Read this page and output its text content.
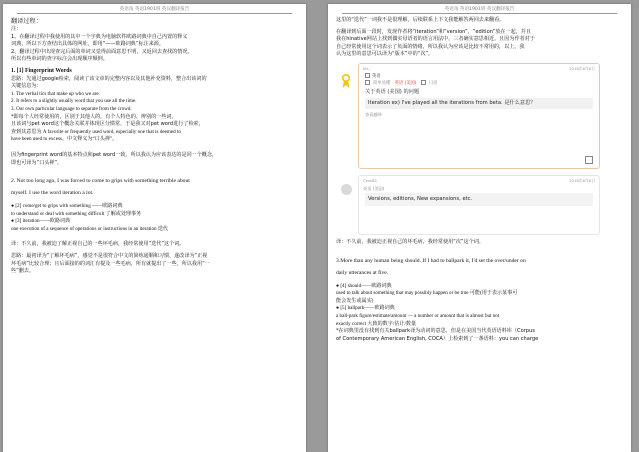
英语角 英语1901班 英汉翻译报告

翻译过程：

注：

1、在翻译过程中我使用的其中一个字典为电脑软件欧路词典中自己内置的释义

词典，所以下方查结出具体的网址，即用“——欧路词典”标注来源。

2、翻译过程中出现查完后面的单词又觉得前面意思不明，又返回去查找的情况，

所以有些单词的查字标注会出现顺序颠倒。

1. [1] Fingerprint Words

思路：先通过google检索，阅读了该文章的完整内容以及其他补充资料，整合出该词的

关键信息为：

1. The verbal tics that make up who we are.

2. It refers to a slightly usually word that you use all the time.

3. Our own particular language to separate from the crowd.

*即每个人经常使用的，区别于其他人的，有个人特色的、辨别的一些词。

且该词与pet word这个概念关联并体现区分惯常，于是我又对pet word进行了检索，

查到其意思为 A favorite or frequently used word, especially one that is deemed to

have been used to excess。中文释义为“口头禅”。

因为fingerprint word的基本特点和pet word一致，所以我认为应该表达的是同一个概念，

即也可译为“口头禅”。

2. Not too long ago, I was forced to come to grips with something terrible about

myself. I use the word iteration a lot.

● [2] come/get to grips with something ——欧路词典

to understand or deal with something difficult 了解或处理事务

● [3] iteration——欧路词典

one execution of a sequence of operations or instructions in an iteration 迭代

译：不久前，我被迫了解正视自己的一些坏毛病，我经常使用“迭代”这个词。

思路：最初译为“了解坏毛病”，感觉不是很符合中文的简练通顺和习惯，遂改译为“正视

坏毛病”比较合理；且后面接的的词汇有提及一些毛病，所有就提出了一些，所以我用“一

些”删去。

英语角 英语1901班 英汉翻译报告

这里的“迭代”一词我不是很理解，后续联系上下文我能解答两回去来翻看。

在翻译到后面一段时，发现作者将“iteration”和“version”，“edition”放在一起，并且

我在hinative网站上找到偶实母语者的语言用法中，三者确实意思相近。且因为作者对于

自己经常使用这个词表示了负面的情绪，所以我认为应该是比较不常用的，以上，我

认为这里的意思可以译为“版本”中的“次”。

ktf...	2018年8月8日
英语
简单易懂 英语 (美国)	日语
关于英语 (美国) 的问题
Iteration ex) I've played all the iterations from beta. 是什么意思？
查看翻译
Cess85	2018年8月8日
英语 (美国)
Versions, editions, New expansions, etc.

译：不久前，我被迫正视自己的坏毛病，我经常使用“次”这个词。

3.More than any human being should. If I had to ballpark it, I'd set the over/under on

daily utterances at five.

● [4] should——欧路词典

used to talk about something that may possibly happen or be true 可能(用于表示某事可

能会发生或属实)

● [5] ballpark——欧路词典

a ball-park figure/estimate/amount — a number or amount that is almost but not

exactly correct 大致的数字/估计/数量

*在词典里没有找到有关ballpark译为动词的意思，但是在美国当代英语语料库（Corpus

of Contemporary American English, COCA）上检索到了一条语料：you can charge
